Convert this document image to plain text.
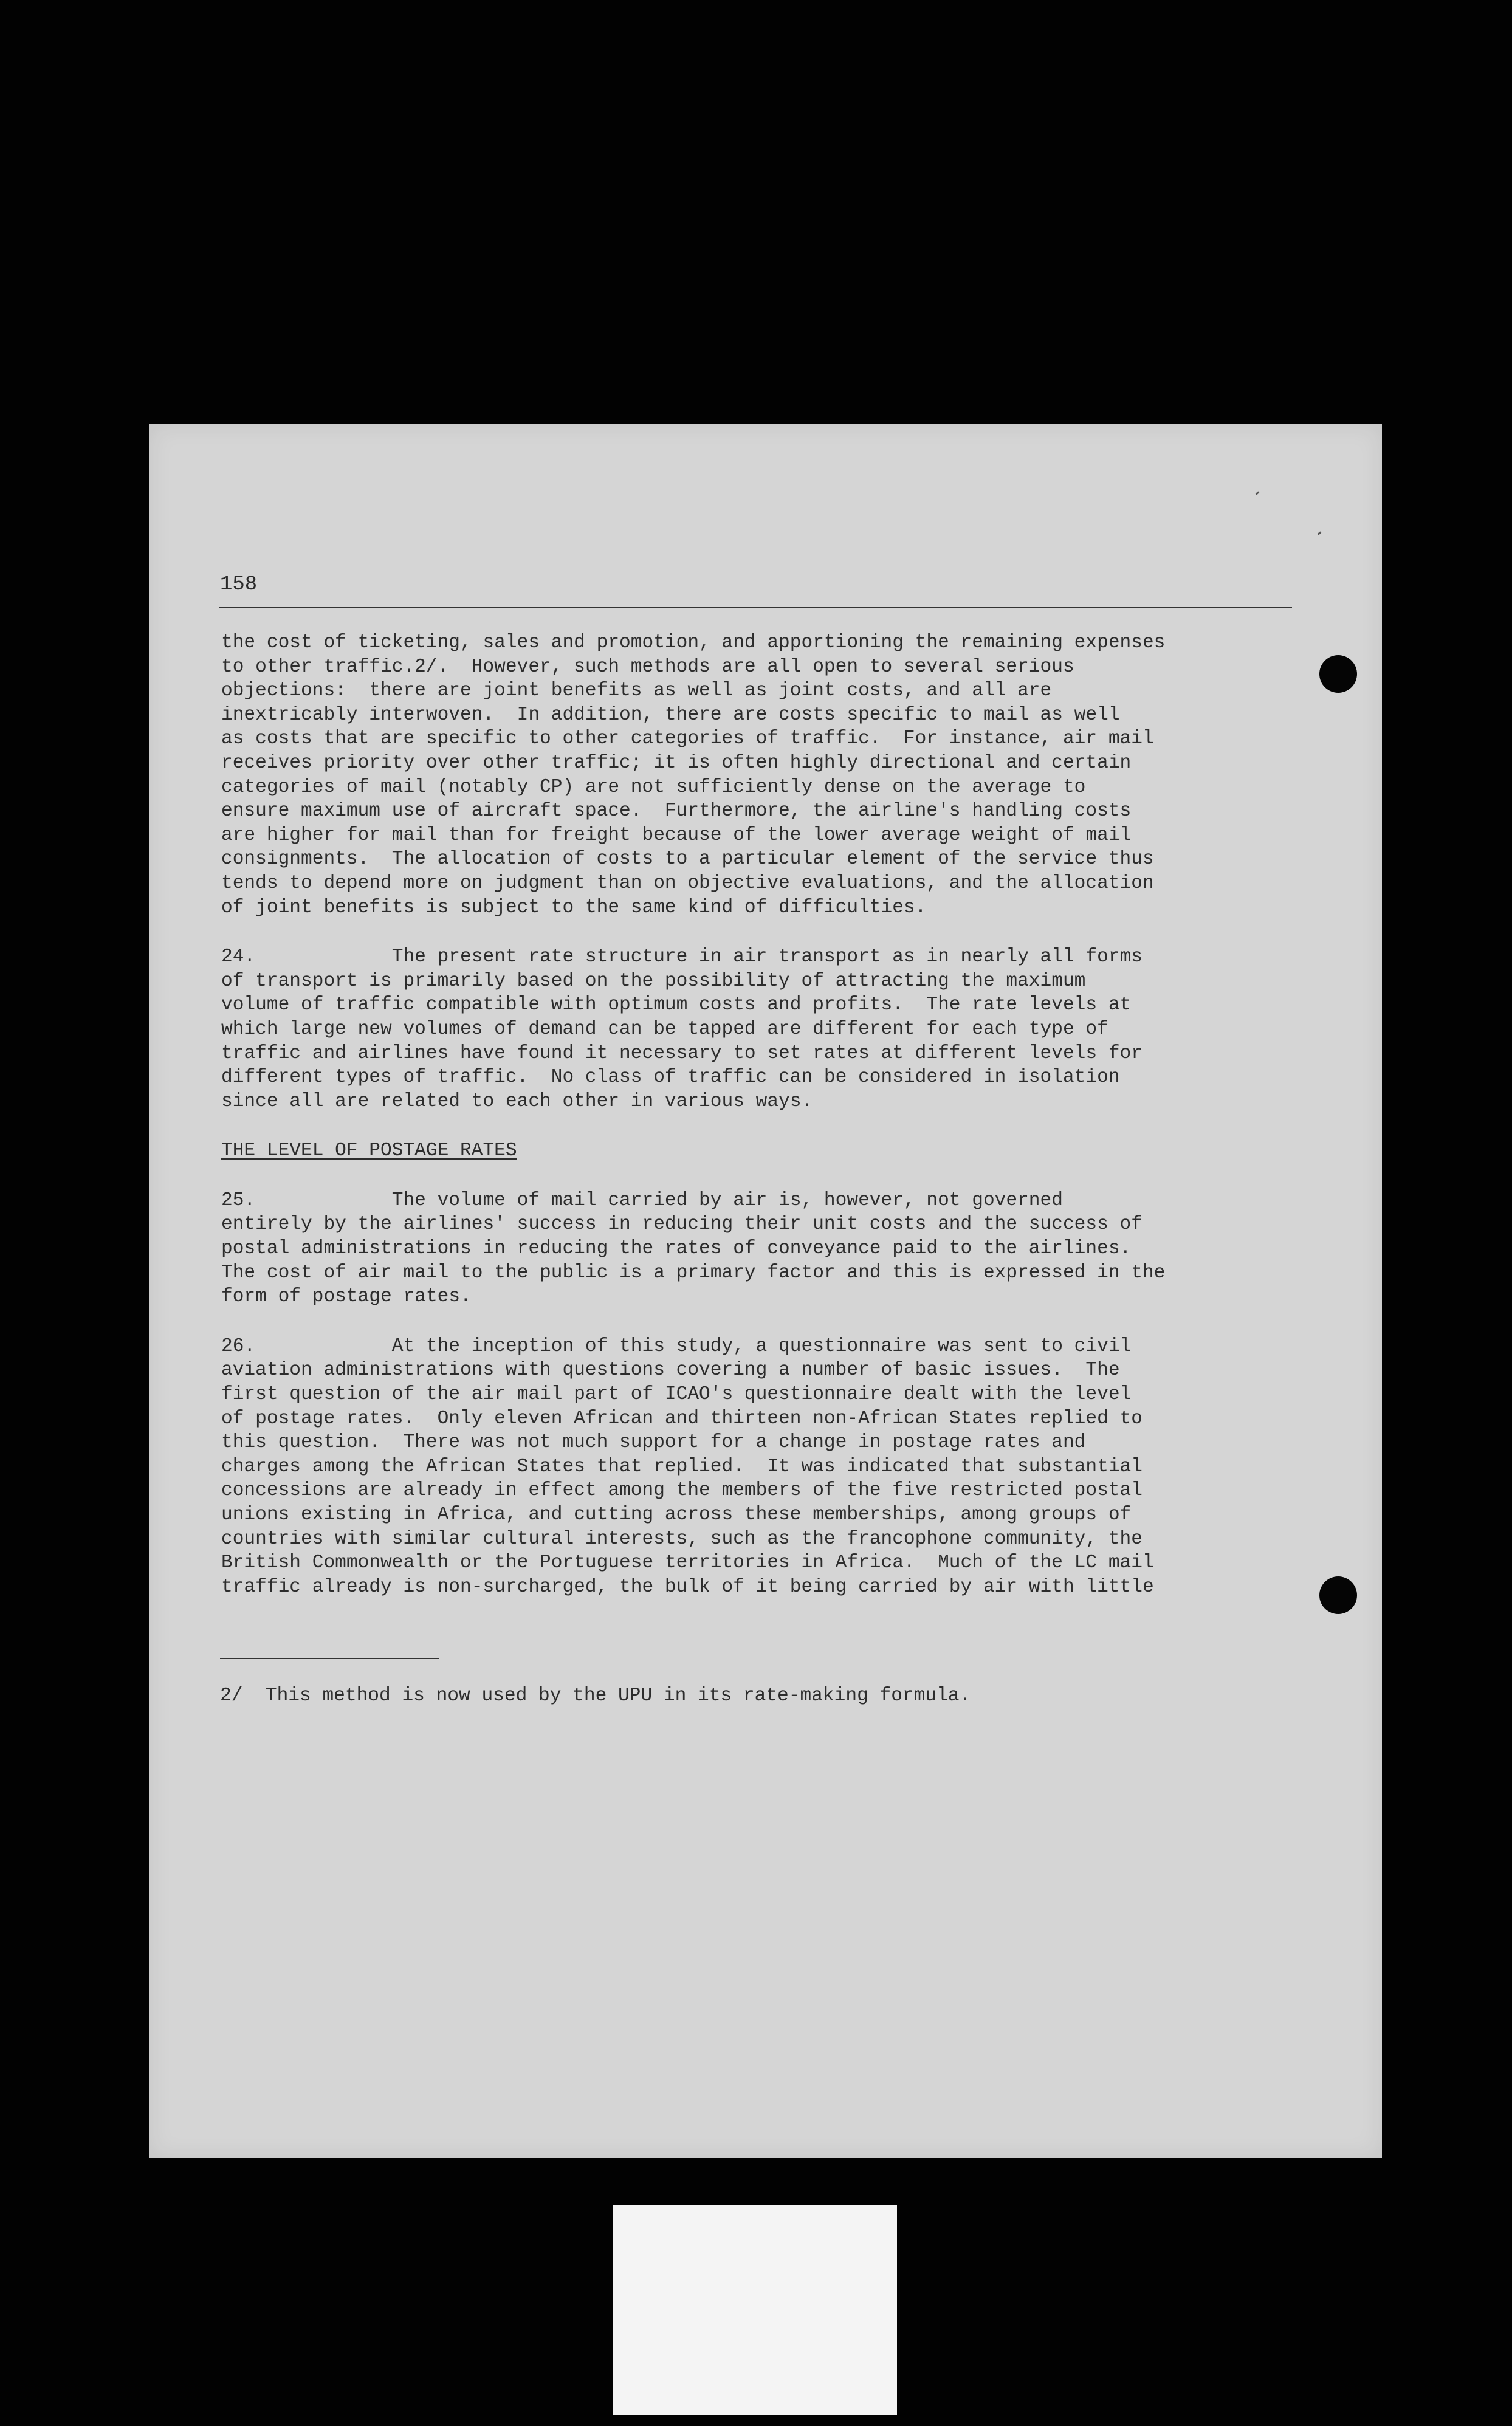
158
the cost of ticketing, sales and promotion, and apportioning the remaining expenses
to other traffic.2/.  However, such methods are all open to several serious
objections:  there are joint benefits as well as joint costs, and all are
inextricably interwoven.  In addition, there are costs specific to mail as well
as costs that are specific to other categories of traffic.  For instance, air mail
receives priority over other traffic; it is often highly directional and certain
categories of mail (notably CP) are not sufficiently dense on the average to
ensure maximum use of aircraft space.  Furthermore, the airline's handling costs
are higher for mail than for freight because of the lower average weight of mail
consignments.  The allocation of costs to a particular element of the service thus
tends to depend more on judgment than on objective evaluations, and the allocation
of joint benefits is subject to the same kind of difficulties.
24.            The present rate structure in air transport as in nearly all forms
of transport is primarily based on the possibility of attracting the maximum
volume of traffic compatible with optimum costs and profits.  The rate levels at
which large new volumes of demand can be tapped are different for each type of
traffic and airlines have found it necessary to set rates at different levels for
different types of traffic.  No class of traffic can be considered in isolation
since all are related to each other in various ways.
THE LEVEL OF POSTAGE RATES
25.            The volume of mail carried by air is, however, not governed
entirely by the airlines' success in reducing their unit costs and the success of
postal administrations in reducing the rates of conveyance paid to the airlines.
The cost of air mail to the public is a primary factor and this is expressed in the
form of postage rates.
26.            At the inception of this study, a questionnaire was sent to civil
aviation administrations with questions covering a number of basic issues.  The
first question of the air mail part of ICAO's questionnaire dealt with the level
of postage rates.  Only eleven African and thirteen non-African States replied to
this question.  There was not much support for a change in postage rates and
charges among the African States that replied.  It was indicated that substantial
concessions are already in effect among the members of the five restricted postal
unions existing in Africa, and cutting across these memberships, among groups of
countries with similar cultural interests, such as the francophone community, the
British Commonwealth or the Portuguese territories in Africa.  Much of the LC mail
traffic already is non-surcharged, the bulk of it being carried by air with little
2/  This method is now used by the UPU in its rate-making formula.
